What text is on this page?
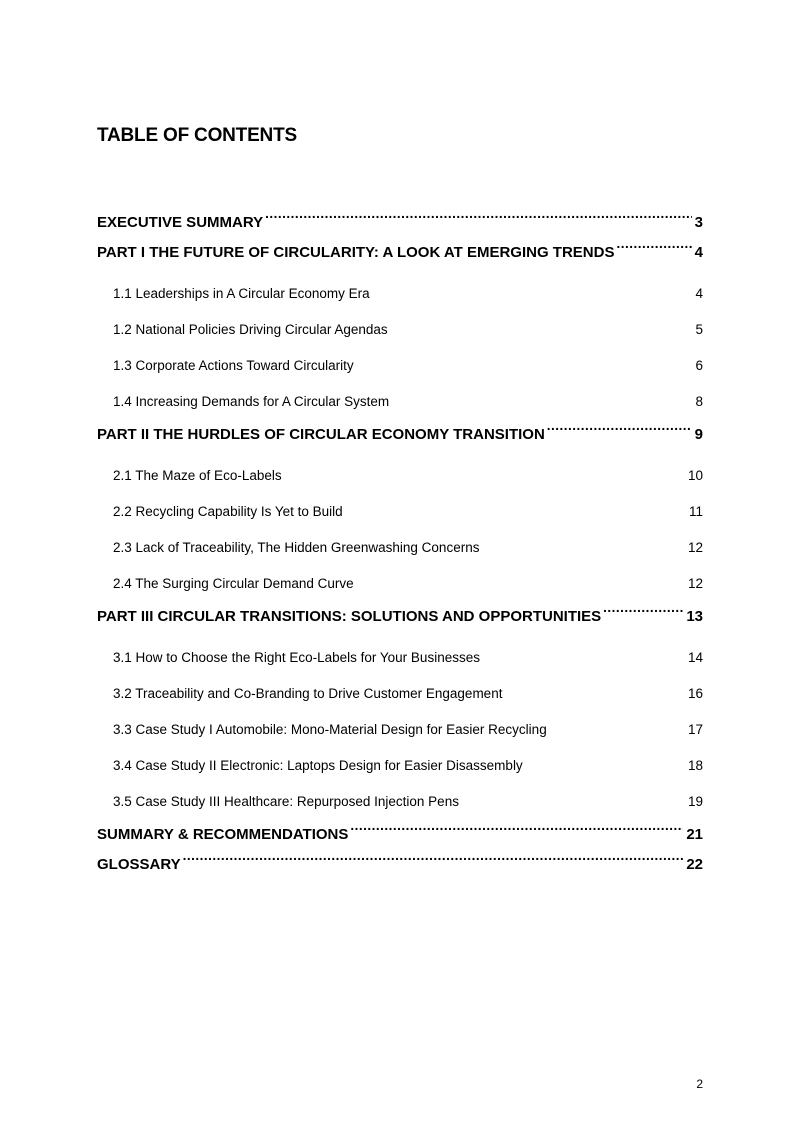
TABLE OF CONTENTS
EXECUTIVE SUMMARY .....	3
PART I THE FUTURE OF CIRCULARITY: A LOOK AT EMERGING TRENDS .....	4
1.1 Leaderships in A Circular Economy Era .....	4
1.2 National Policies Driving Circular Agendas .....	5
1.3 Corporate Actions Toward Circularity .....	6
1.4 Increasing Demands for A Circular System .....	8
PART II THE HURDLES OF CIRCULAR ECONOMY TRANSITION .....	9
2.1 The Maze of Eco-Labels .....	10
2.2 Recycling Capability Is Yet to Build .....	11
2.3 Lack of Traceability, The Hidden Greenwashing Concerns .....	12
2.4 The Surging Circular Demand Curve .....	12
PART III CIRCULAR TRANSITIONS: SOLUTIONS AND OPPORTUNITIES .....	13
3.1 How to Choose the Right Eco-Labels for Your Businesses .....	14
3.2 Traceability and Co-Branding to Drive Customer Engagement .....	16
3.3 Case Study I Automobile: Mono-Material Design for Easier Recycling .....	17
3.4 Case Study II Electronic: Laptops Design for Easier Disassembly .....	18
3.5 Case Study III Healthcare: Repurposed Injection Pens .....	19
SUMMARY & RECOMMENDATIONS .....	21
GLOSSARY .....	22
2
